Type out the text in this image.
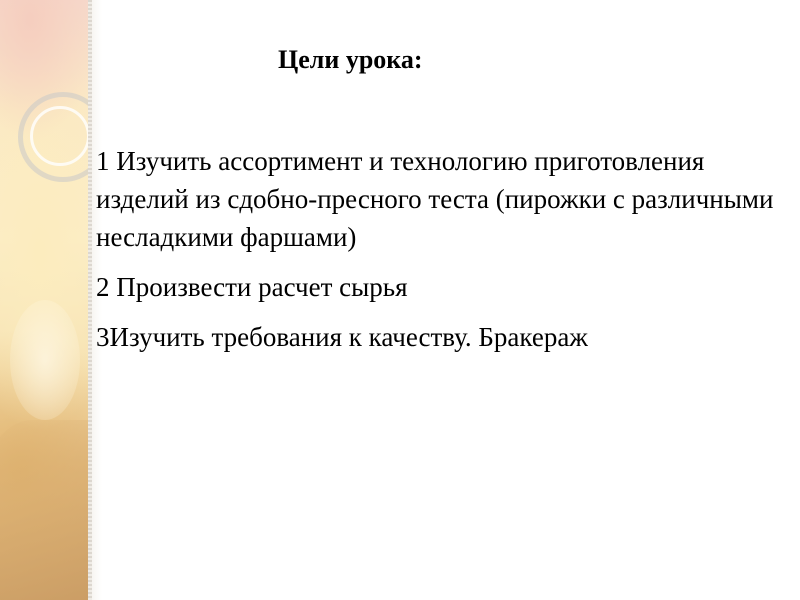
Цели урока:
1 Изучить ассортимент и технологию приготовления изделий из сдобно-пресного теста (пирожки с различными несладкими фаршами)
2 Произвести расчет сырья
3Изучить требования к качеству. Бракераж
